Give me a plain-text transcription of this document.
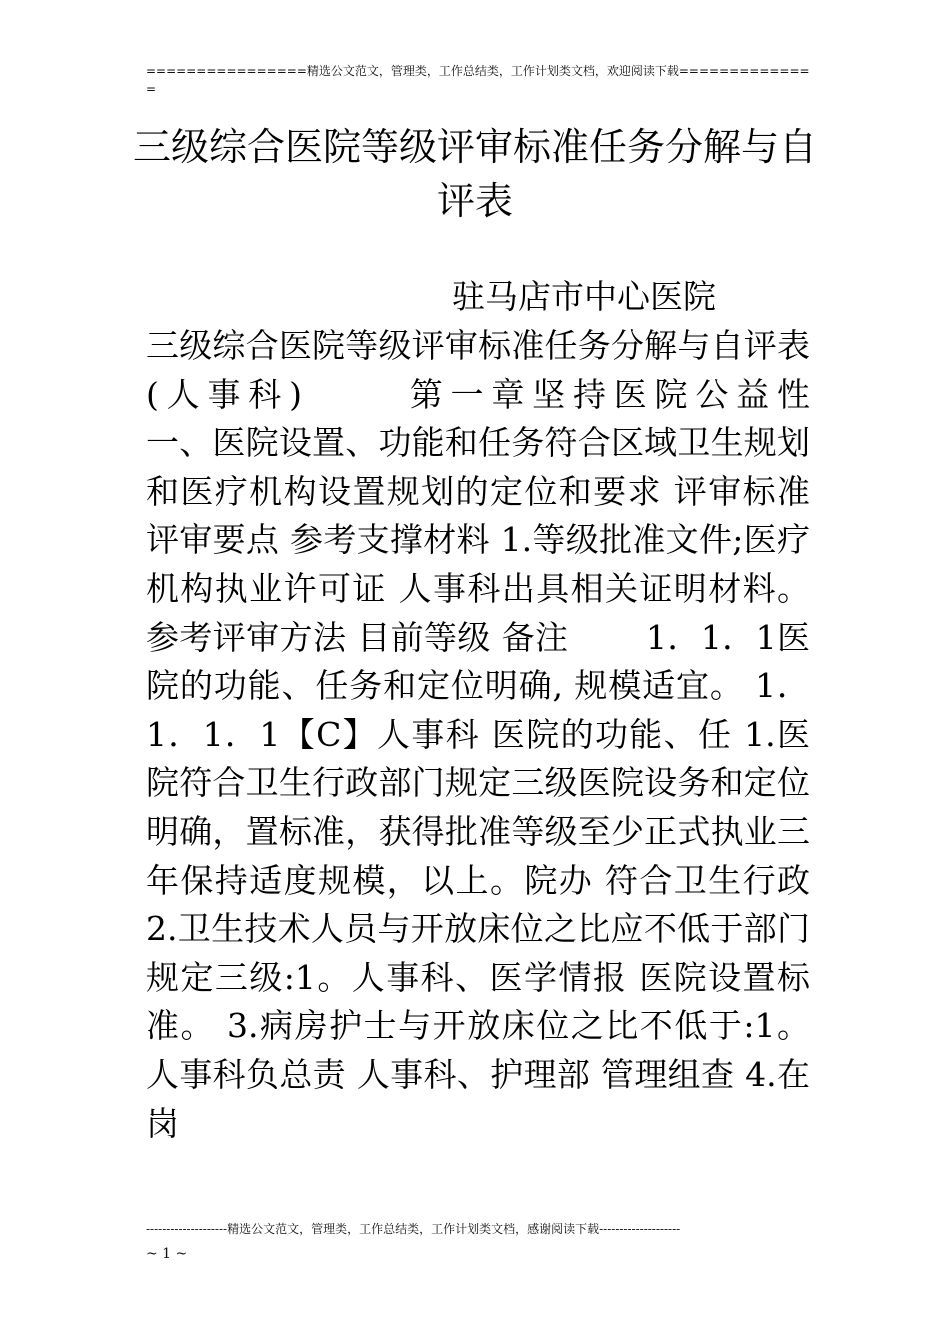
================精选公文范文，管理类，工作总结类，工作计划类文档，欢迎阅读下载==============
三级综合医院等级评审标准任务分解与自评表
驻马店市中心医院

三级综合医院等级评审标准任务分解与自评表(人事科)　　 第一章坚持医院公益性　　 一、医院设置、功能和任务符合区域卫生规划和医疗机构设置规划的定位和要求 评审标准 评审要点 参考支撑材料 1.等级批准文件;医疗机构执业许可证 人事科出具相关证明材料。 参考评审方法 目前等级 备注　　 1．1．1医院的功能、任务和定位明确, 规模适宜。 1．1．1．1【C】人事科 医院的功能、任 1.医院符合卫生行政部门规定三级医院设务和定位明确，置标准，获得批准等级至少正式执业三年保持适度规模，以上。院办 符合卫生行政 2.卫生技术人员与开放床位之比应不低于部门规定三级:1。人事科、医学情报 医院设置标准。 3.病房护士与开放床位之比不低于:1。人事科负总责 人事科、护理部 管理组查 4.在岗

--------------------精选公文范文，管理类，工作总结类，工作计划类文档，感谢阅读下载--------------------
~ 1 ~
